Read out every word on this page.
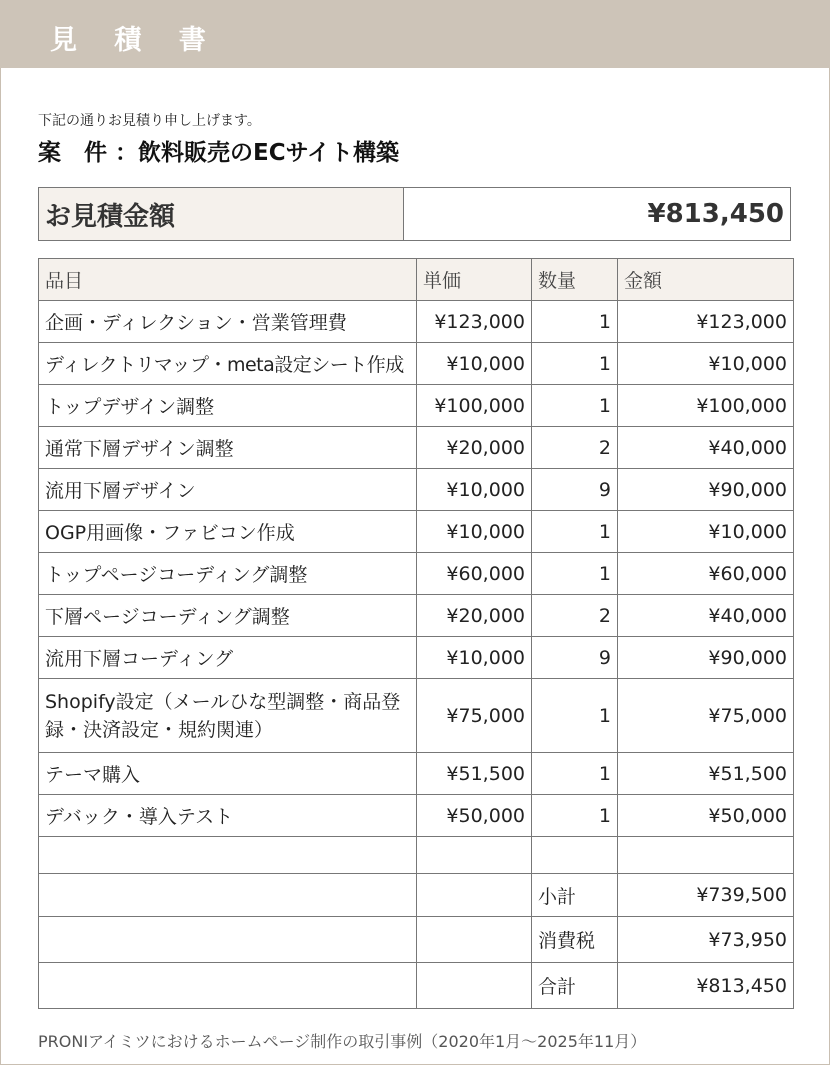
見 積 書
下記の通りお見積り申し上げます。
案　件 ：飲料販売のECサイト構築
お見積金額	¥813,450
品目	単価	数量	金額
企画・ディレクション・営業管理費	¥123,000	1	¥123,000
ディレクトリマップ・meta設定シート作成	¥10,000	1	¥10,000
トップデザイン調整	¥100,000	1	¥100,000
通常下層デザイン調整	¥20,000	2	¥40,000
流用下層デザイン	¥10,000	9	¥90,000
OGP用画像・ファビコン作成	¥10,000	1	¥10,000
トップページコーディング調整	¥60,000	1	¥60,000
下層ページコーディング調整	¥20,000	2	¥40,000
流用下層コーディング	¥10,000	9	¥90,000
Shopify設定（メールひな型調整・商品登録・決済設定・規約関連）	¥75,000	1	¥75,000
テーマ購入	¥51,500	1	¥51,500
デバック・導入テスト	¥50,000	1	¥50,000

		小計	¥739,500
		消費税	¥73,950
		合計	¥813,450
PRONIアイミツにおけるホームページ制作の取引事例（2020年1月〜2025年11月）
